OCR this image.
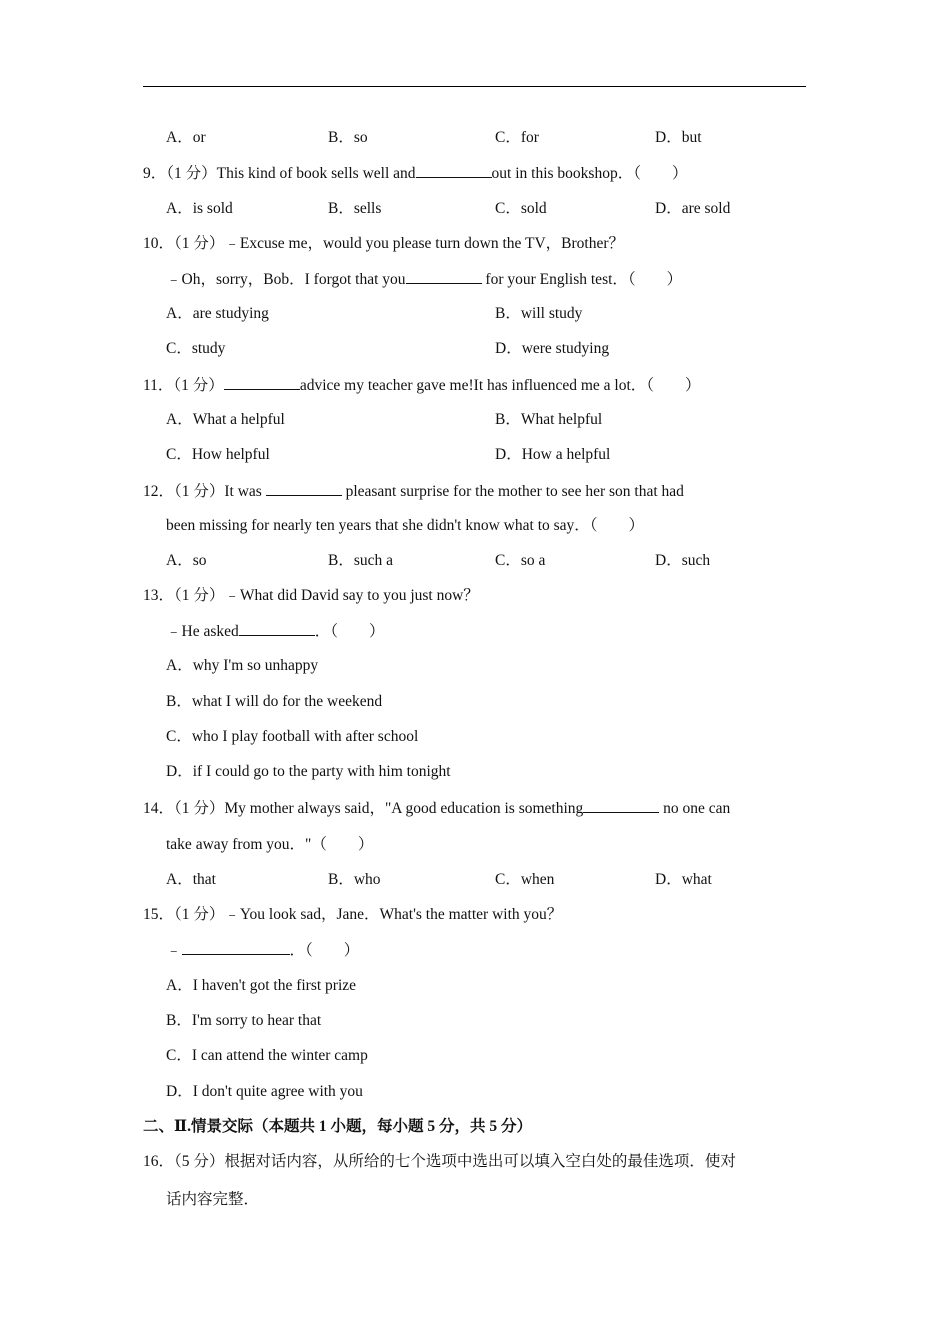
A．or	B．so	C．for	D．but
9．（1 分）This kind of book sells well and	out in this bookshop．（　　）
A．is sold	B．sells	C．sold	D．are sold
10．（1 分）﹣Excuse me，would you please turn down the TV，Brother？
﹣Oh，sorry，Bob．I forgot that you	for your English test．（　　）
A．are studying	B．will study
C．study	D．were studying
11．（1 分）	advice my teacher gave me!It has influenced me a lot．（　　）
A．What a helpful	B．What helpful
C．How helpful	D．How a helpful
12．（1 分）It was	pleasant surprise for the mother to see her son that had
been missing for nearly ten years that she didn't know what to say．（　　）
A．so	B．such a	C．so a	D．such
13．（1 分）﹣What did David say to you just now？
﹣He asked	．（　　）
A．why I'm so unhappy
B．what I will do for the weekend
C．who I play football with after school
D．if I could go to the party with him tonight
14．（1 分）My mother always said，"A good education is something	no one can
take away from you．"（　　）
A．that	B．who	C．when	D．what
15．（1 分）﹣You look sad，Jane．What's the matter with you？
﹣	．（　　）
A．I haven't got the first prize
B．I'm sorry to hear that
C．I can attend the winter camp
D．I don't quite agree with you
二、Ⅱ.情景交际（本题共 1 小题，每小题 5 分，共 5 分）
16．（5 分）根据对话内容，从所给的七个选项中选出可以填入空白处的最佳选项．使对
话内容完整．
